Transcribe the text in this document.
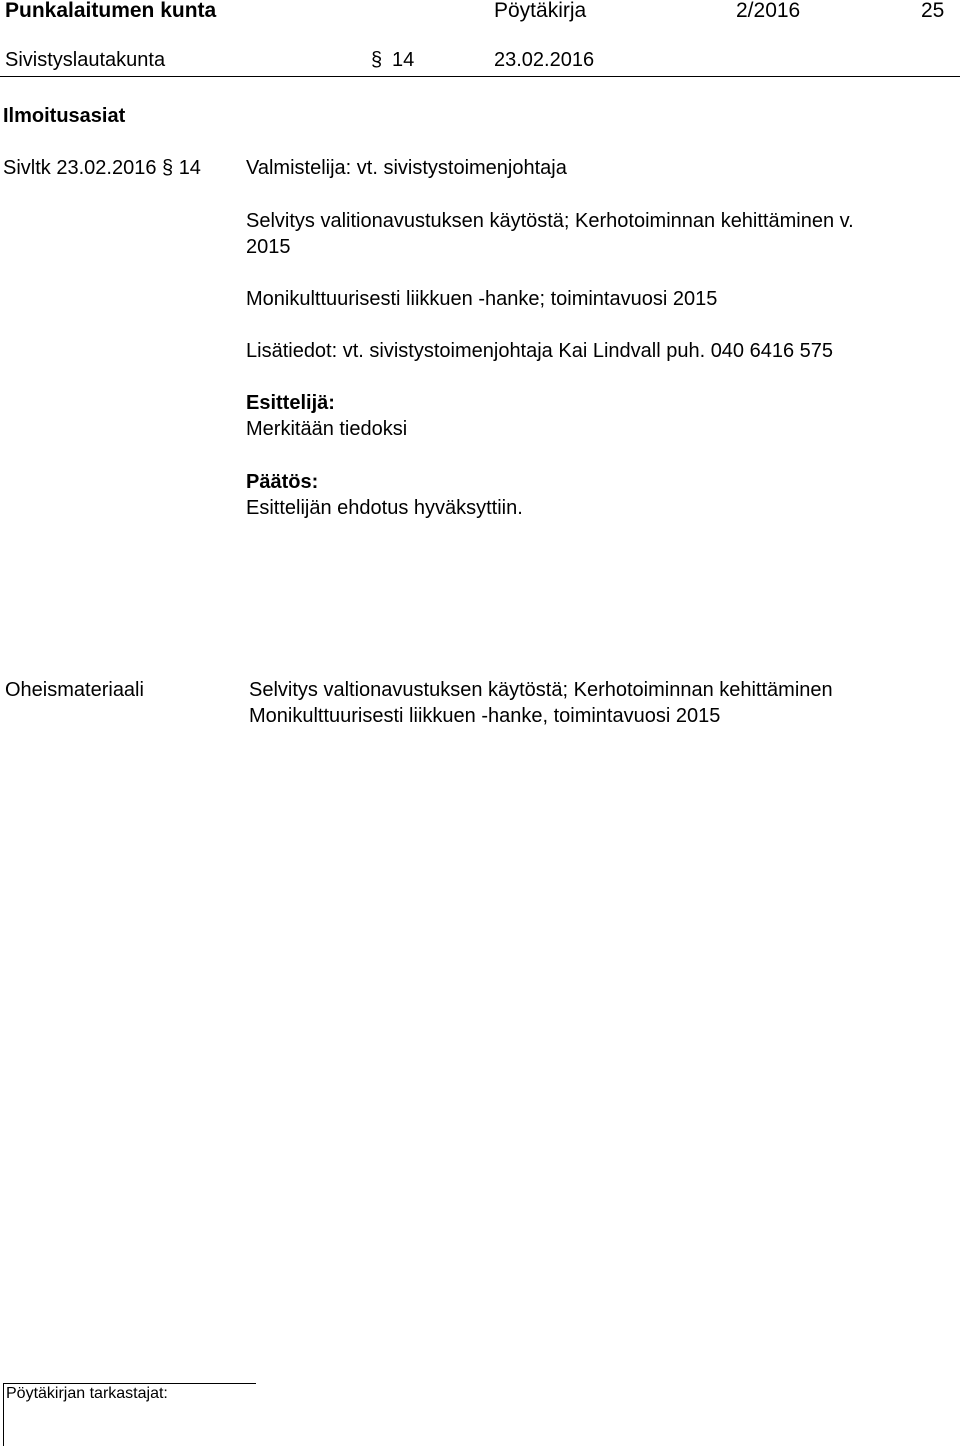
Punkalaitumen kunta	Pöytäkirja	2/2016	25
Sivistyslautakunta	§ 14	23.02.2016
Ilmoitusasiat
Sivltk 23.02.2016 § 14 Valmistelija: vt. sivistystoimenjohtaja
Selvitys valitionavustuksen käytöstä; Kerhotoiminnan kehittäminen v.
2015
Monikulttuurisesti liikkuen -hanke; toimintavuosi 2015
Lisätiedot: vt. sivistystoimenjohtaja Kai Lindvall puh. 040 6416 575
Esittelijä:
Merkitään tiedoksi
Päätös:
Esittelijän ehdotus hyväksyttiin.
Oheismateriaali	Selvitys valtionavustuksen käytöstä; Kerhotoiminnan kehittäminen
Monikulttuurisesti liikkuen -hanke, toimintavuosi 2015
Pöytäkirjan tarkastajat:
